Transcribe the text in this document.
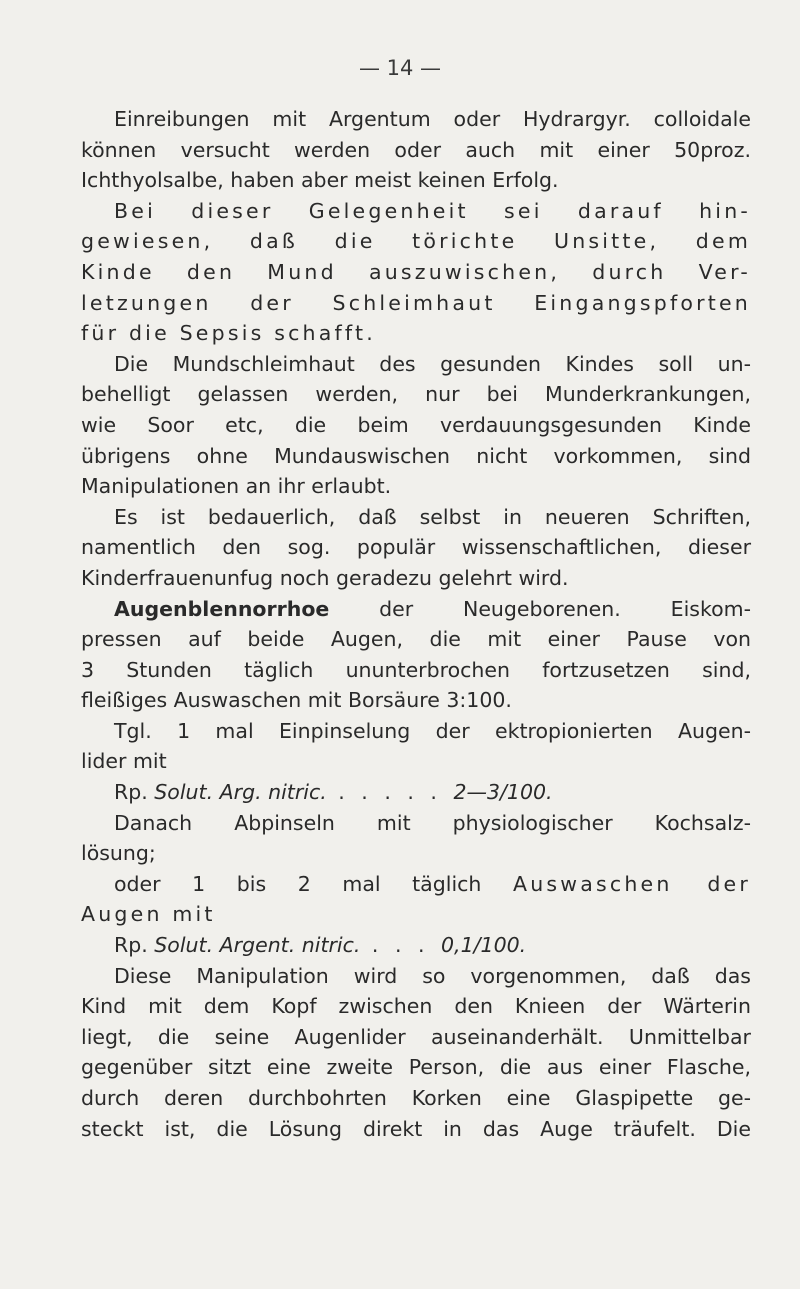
— 14 —
Einreibungen mit Argentum oder Hydrargyr. colloidale
können versucht werden oder auch mit einer 50proz.
Ichthyolsalbe, haben aber meist keinen Erfolg.
Bei dieser Gelegenheit sei darauf hin-
gewiesen, daß die törichte Unsitte, dem
Kinde den Mund auszuwischen, durch Ver-
letzungen der Schleimhaut Eingangspforten
für die Sepsis schafft.
Die Mundschleimhaut des gesunden Kindes soll un-
behelligt gelassen werden, nur bei Munderkrankungen,
wie Soor etc, die beim verdauungsgesunden Kinde
übrigens ohne Mundauswischen nicht vorkommen, sind
Manipulationen an ihr erlaubt.
Es ist bedauerlich, daß selbst in neueren Schriften,
namentlich den sog. populär wissenschaftlichen, dieser
Kinderfrauenunfug noch geradezu gelehrt wird.
Augenblennorrhoe der Neugeborenen. Eiskom-
pressen auf beide Augen, die mit einer Pause von
3 Stunden täglich ununterbrochen fortzusetzen sind,
fleißiges Auswaschen mit Borsäure 3:100.
Tgl. 1 mal Einpinselung der ektropionierten Augen-
lider mit
Rp. Solut. Arg. nitric. . . . . . 2—3/100.
Danach Abpinseln mit physiologischer Kochsalz-
lösung;
oder 1 bis 2 mal täglich Auswaschen der
Augen mit
Rp. Solut. Argent. nitric. . . . 0,1/100.
Diese Manipulation wird so vorgenommen, daß das
Kind mit dem Kopf zwischen den Knieen der Wärterin
liegt, die seine Augenlider auseinanderhält. Unmittelbar
gegenüber sitzt eine zweite Person, die aus einer Flasche,
durch deren durchbohrten Korken eine Glaspipette ge-
steckt ist, die Lösung direkt in das Auge träufelt. Die
